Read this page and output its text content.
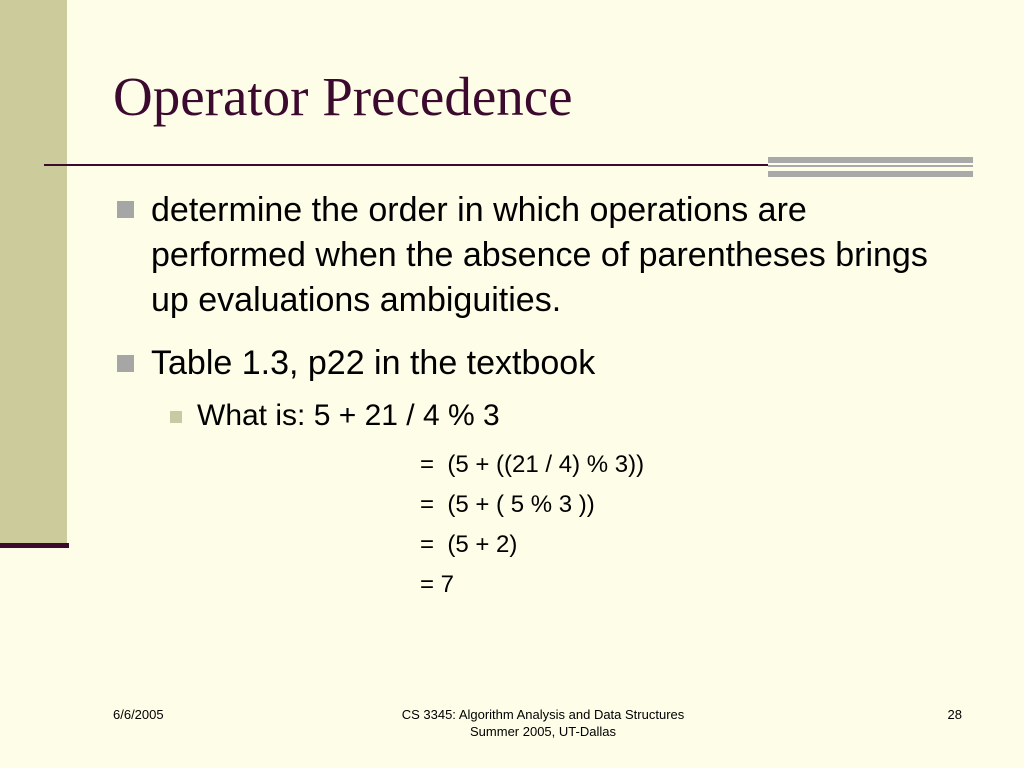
Operator Precedence
determine the order in which operations are performed when the absence of parentheses brings up evaluations ambiguities.
Table 1.3, p22 in the textbook
What is: 5 + 21 / 4 % 3
=  (5 + ((21 / 4) % 3))
=  (5 + ( 5 % 3 ))
=  (5 + 2)
= 7
6/6/2005	CS 3345: Algorithm Analysis and Data Structures
Summer 2005, UT-Dallas
28
